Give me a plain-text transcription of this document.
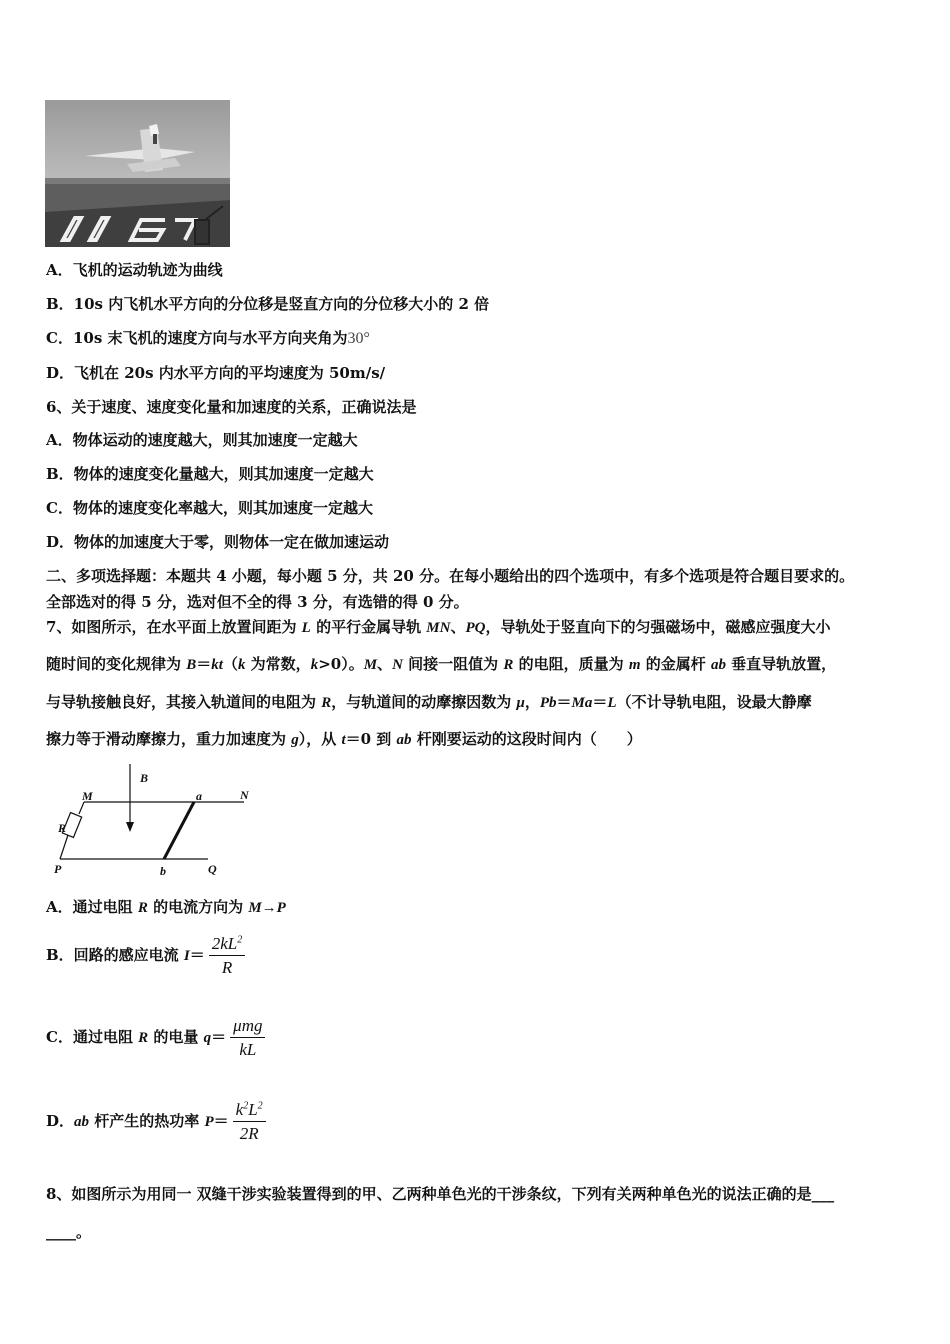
A．飞机的运动轨迹为曲线
B．10s 内飞机水平方向的分位移是竖直方向的分位移大小的 2 倍
C．10s 末飞机的速度方向与水平方向夹角为30°
D．飞机在 20s 内水平方向的平均速度为 50m/s/
6、关于速度、速度变化量和加速度的关系，正确说法是
A．物体运动的速度越大，则其加速度一定越大
B．物体的速度变化量越大，则其加速度一定越大
C．物体的速度变化率越大，则其加速度一定越大
D．物体的加速度大于零，则物体一定在做加速运动
二、多项选择题：本题共 4 小题，每小题 5 分，共 20 分。在每小题给出的四个选项中，有多个选项是符合题目要求的。
全部选对的得 5 分，选对但不全的得 3 分，有选错的得 0 分。
7、如图所示，在水平面上放置间距为 L 的平行金属导轨 MN、PQ，导轨处于竖直向下的匀强磁场中，磁感应强度大小
随时间的变化规律为 B＝kt（k 为常数，k>0）。M、N 间接一阻值为 R 的电阻，质量为 m 的金属杆 ab 垂直导轨放置，
与导轨接触良好，其接入轨道间的电阻为 R，与轨道间的动摩擦因数为 μ，Pb＝Ma＝L（不计导轨电阻，设最大静摩
擦力等于滑动摩擦力，重力加速度为 g），从 t＝0 到 ab 杆刚要运动的这段时间内（　　）
B
M	a	N
R
P	b	Q
A．通过电阻 R 的电流方向为 M→P
B．回路的感应电流 $I= \frac{2kL^2}{R}$
C．通过电阻 R 的电量 $q= \frac{\text{μmg}}{kL}$
D．ab 杆产生的热功率 $P= \frac{k^2L^2}{2R}$
8、如图所示为用同一 双缝干涉实验装置得到的甲、乙两种单色光的干涉条纹，下列有关两种单色光的说法正确的是___
____。
